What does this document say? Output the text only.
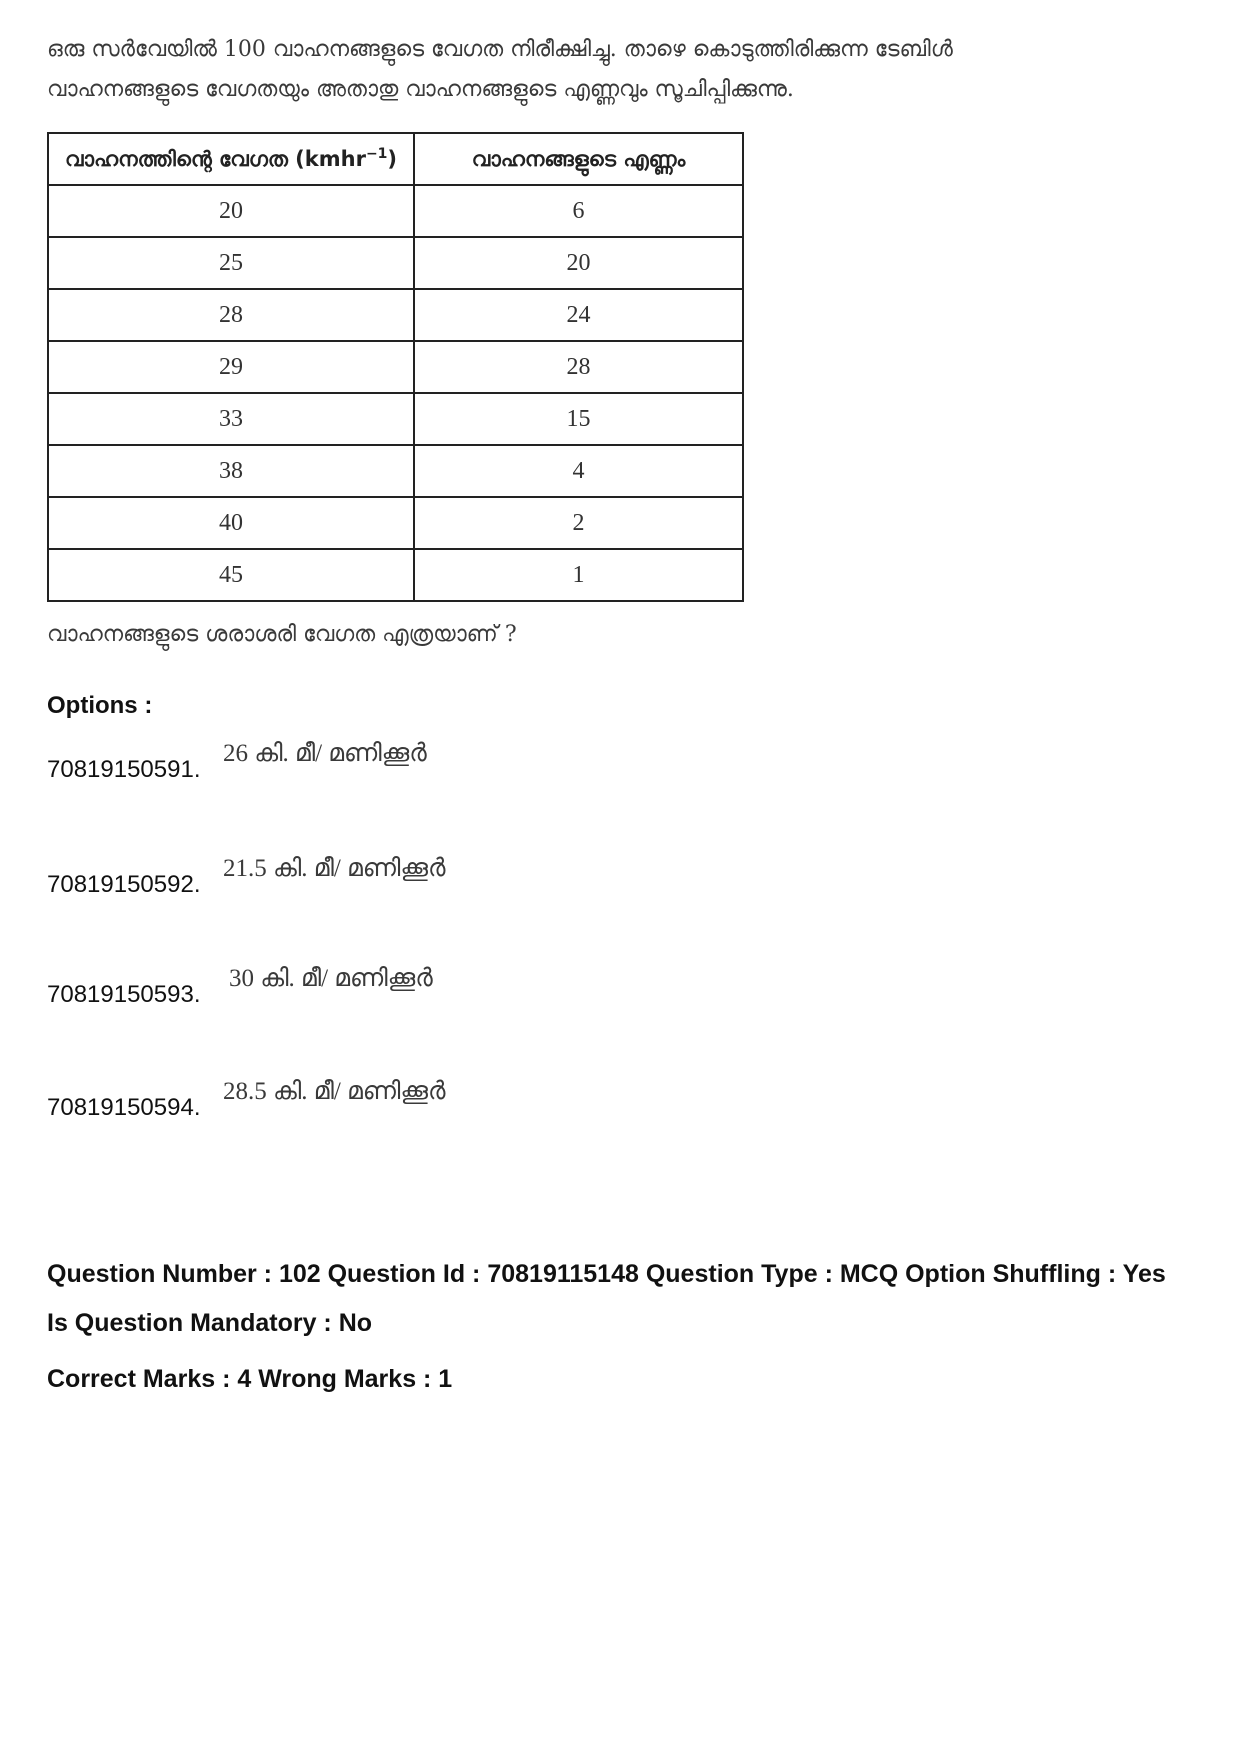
ഒരു സർവേയിൽ 100 വാഹനങ്ങളുടെ വേഗത നിരീക്ഷിച്ചു. താഴെ കൊടുത്തിരിക്കുന്ന ടേബിൾ
വാഹനങ്ങളുടെ വേഗതയും അതാതു വാഹനങ്ങളുടെ എണ്ണവും സൂചിപ്പിക്കുന്നു.
വാഹനത്തിന്റെ വേഗത (kmhr$^{-1}$)	വാഹനങ്ങളുടെ എണ്ണം
20	6
25	20
28	24
29	28
33	15
38	4
40	2
45	1
വാഹനങ്ങളുടെ ശരാശരി വേഗത എത്രയാണ് ?
Options :
70819150591.
26 കി. മീ/ മണിക്കൂർ
70819150592.
21.5 കി. മീ/ മണിക്കൂർ
70819150593.
30 കി. മീ/ മണിക്കൂർ
70819150594.
28.5 കി. മീ/ മണിക്കൂർ
Question Number : 102 Question Id : 70819115148 Question Type : MCQ Option Shuffling : Yes
Is Question Mandatory : No
Correct Marks : 4 Wrong Marks : 1
